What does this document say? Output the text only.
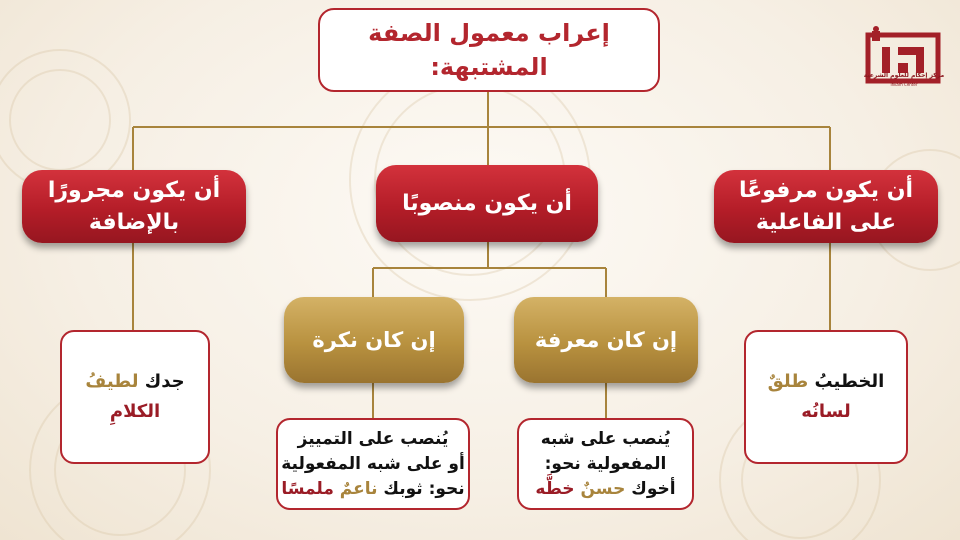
إعراب معمول الصفة
المشتبهة:
أن يكون مرفوعًا
على الفاعلية
أن يكون منصوبًا
أن يكون مجرورًا
بالإضافة
إن كان معرفة
إن كان نكرة
الخطيبُ طلقٌ
لسانُه
يُنصب على شبه
المفعولية نحو:
أخوك حسنٌ خطَّه
يُنصب على التمييز
أو على شبه المفعولية
نحو: ثوبك ناعمٌ ملمسًا
جدك لطيفُ
الكلامِ
مركز إحكام للعلوم الشرعية
Ihkam Center
